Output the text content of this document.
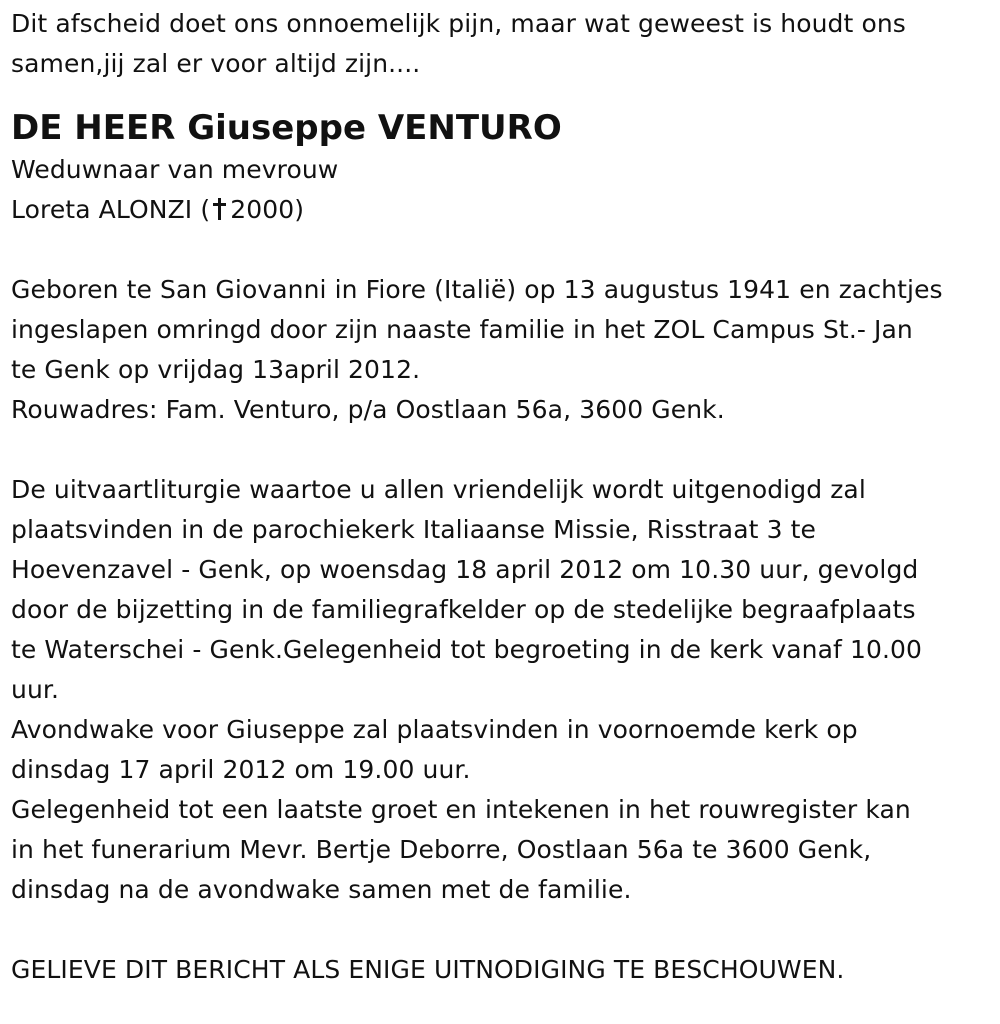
Dit afscheid doet ons onnoemelijk pijn, maar wat geweest is houdt ons
samen,jij zal er voor altijd zijn....
DE HEER Giuseppe VENTURO
Weduwnaar van mevrouw
Loreta ALONZI ( 2000)
Geboren te San Giovanni in Fiore (Italië) op 13 augustus 1941 en zachtjes
ingeslapen omringd door zijn naaste familie in het ZOL Campus St.- Jan
te Genk op vrijdag 13april 2012.
Rouwadres: Fam. Venturo, p/a Oostlaan 56a, 3600 Genk.
De uitvaartliturgie waartoe u allen vriendelijk wordt uitgenodigd zal
plaatsvinden in de parochiekerk Italiaanse Missie, Risstraat 3 te
Hoevenzavel - Genk, op woensdag 18 april 2012 om 10.30 uur, gevolgd
door de bijzetting in de familiegrafkelder op de stedelijke begraafplaats
te Waterschei - Genk.Gelegenheid tot begroeting in de kerk vanaf 10.00
uur.
Avondwake voor Giuseppe zal plaatsvinden in voornoemde kerk op
dinsdag 17 april 2012 om 19.00 uur.
Gelegenheid tot een laatste groet en intekenen in het rouwregister kan
in het funerarium Mevr. Bertje Deborre, Oostlaan 56a te 3600 Genk,
dinsdag na de avondwake samen met de familie.
GELIEVE DIT BERICHT ALS ENIGE UITNODIGING TE BESCHOUWEN.
